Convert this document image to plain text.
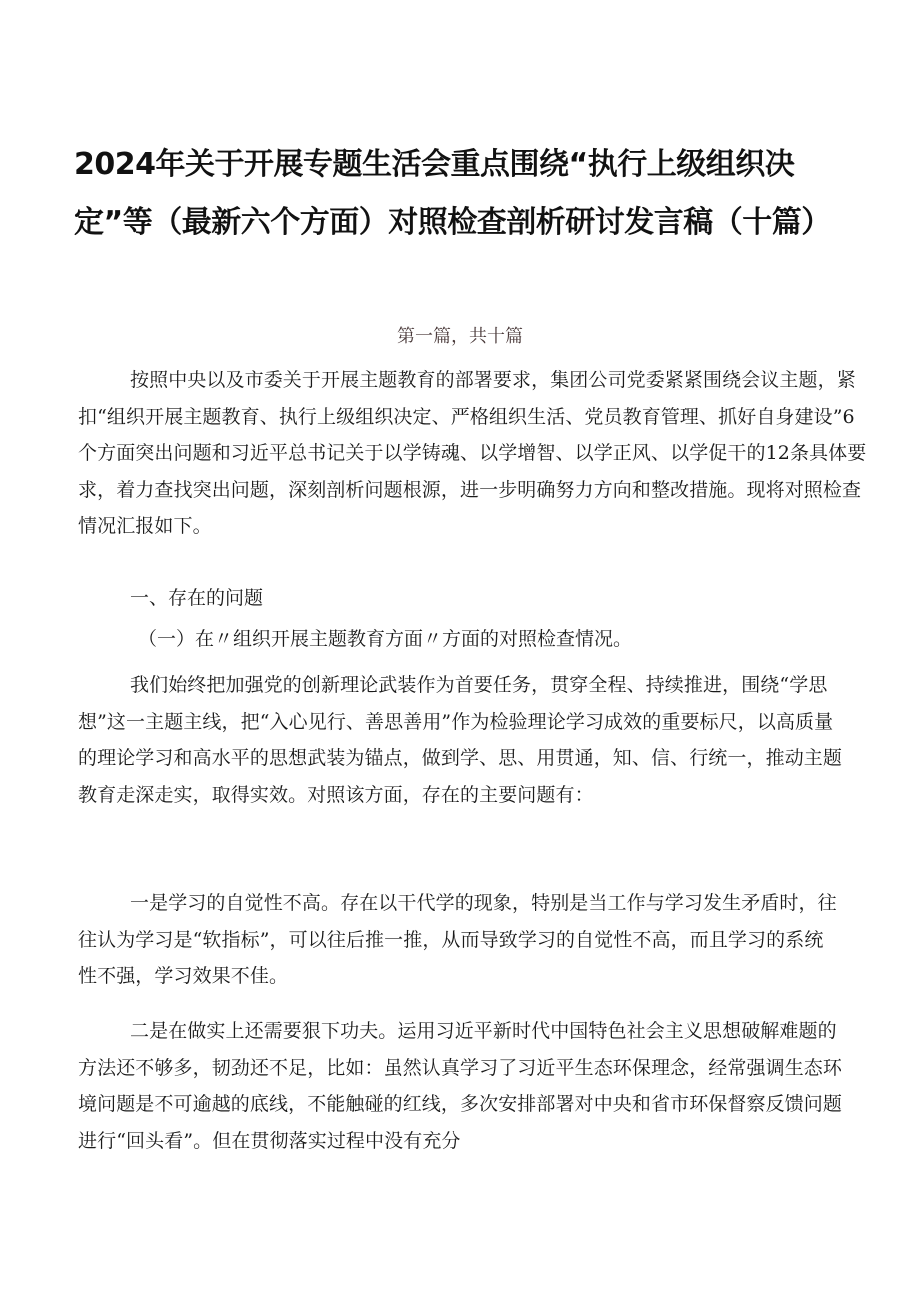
2024年关于开展专题生活会重点围绕“执行上级组织决
定”等（最新六个方面）对照检查剖析研讨发言稿（十篇）

第一篇，共十篇

按照中央以及市委关于开展主题教育的部署要求，集团公司党委紧紧围绕会议主题，紧扣“组织开展主题教育、执行上级组织决定、严格组织生活、党员教育管理、抓好自身建设”6个方面突出问题和习近平总书记关于以学铸魂、以学增智、以学正风、以学促干的12条具体要求，着力查找突出问题，深刻剖析问题根源，进一步明确努力方向和整改措施。现将对照检查情况汇报如下。

一、存在的问题

（一）在〃组织开展主题教育方面〃方面的对照检查情况。

我们始终把加强党的创新理论武装作为首要任务，贯穿全程、持续推进，围绕“学思想”这一主题主线，把“入心见行、善思善用”作为检验理论学习成效的重要标尺，以高质量的理论学习和高水平的思想武装为锚点，做到学、思、用贯通，知、信、行统一，推动主题教育走深走实，取得实效。对照该方面，存在的主要问题有：

一是学习的自觉性不高。存在以干代学的现象，特别是当工作与学习发生矛盾时，往往认为学习是“软指标”，可以往后推一推，从而导致学习的自觉性不高，而且学习的系统性不强，学习效果不佳。

二是在做实上还需要狠下功夫。运用习近平新时代中国特色社会主义思想破解难题的方法还不够多，韧劲还不足，比如：虽然认真学习了习近平生态环保理念，经常强调生态环境问题是不可逾越的底线，不能触碰的红线，多次安排部署对中央和省市环保督察反馈问题进行“回头看”。但在贯彻落实过程中没有充分
